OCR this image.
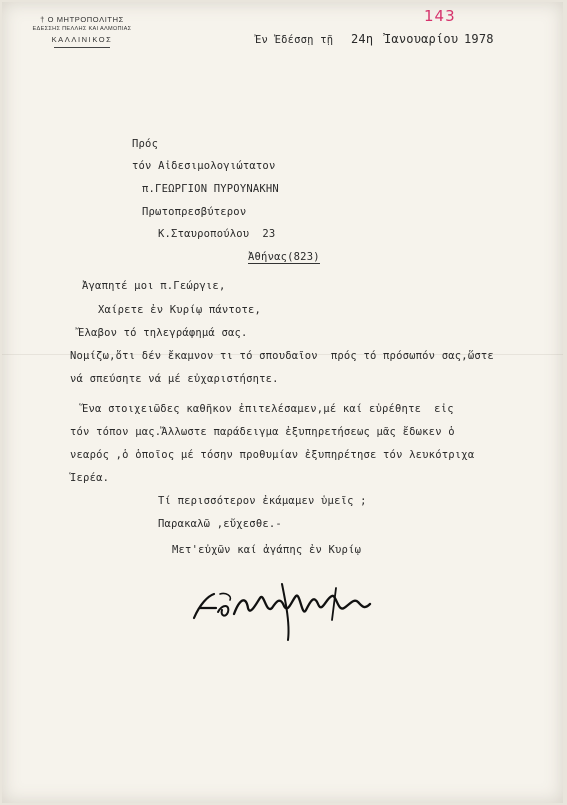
† Ο ΜΗΤΡΟΠΟΛΙΤΗΣ
ΕΔΕΣΣΗΣ ΠΕΛΛΗΣ ΚΑΙ ΑΛΜΩΠΙΑΣ
ΚΑΛΛΙΝΙΚΟΣ
143
Ἐν Ἐδέσσῃ τῇ 24η Ἰανουαρίου 1978
Πρός
τόν Αἰδεσιμολογιώτατον
π.ΓΕΩΡΓΙΟΝ ΠΥΡΟΥΝΑΚΗΝ
Πρωτοπρεσβύτερον
Κ.Σταυροπούλου  23
Ἀθήνας(823)
Ἀγαπητέ μοι π.Γεώργιε,
Χαίρετε ἐν Κυρίῳ πάντοτε,
Ἔλαβον τό τηλεγράφημά σας.
Νομίζω,ὅτι δέν ἔκαμνον τι τό σπουδαῖον  πρός τό πρόσωπόν σας,ὥστε
νά σπεύσητε νά μέ εὐχαριστήσητε.
Ἕνα στοιχειῶδες καθῆκον ἐπιτελέσαμεν,μέ καί εὑρέθητε  εἰς
τόν τόπον μας.Ἄλλωστε παράδειγμα ἐξυπηρετήσεως μᾶς ἔδωκεν ὁ
νεαρός ,ὁ ὁποῖος μέ τόσην προθυμίαν ἐξυπηρέτησε τόν λευκότριχα
Ἱερέα.
Τί περισσότερον ἐκάμαμεν ὑμεῖς ;
Παρακαλῶ ,εὔχεσθε.-
Μετ'εὐχῶν καί ἀγάπης ἐν Κυρίῳ
